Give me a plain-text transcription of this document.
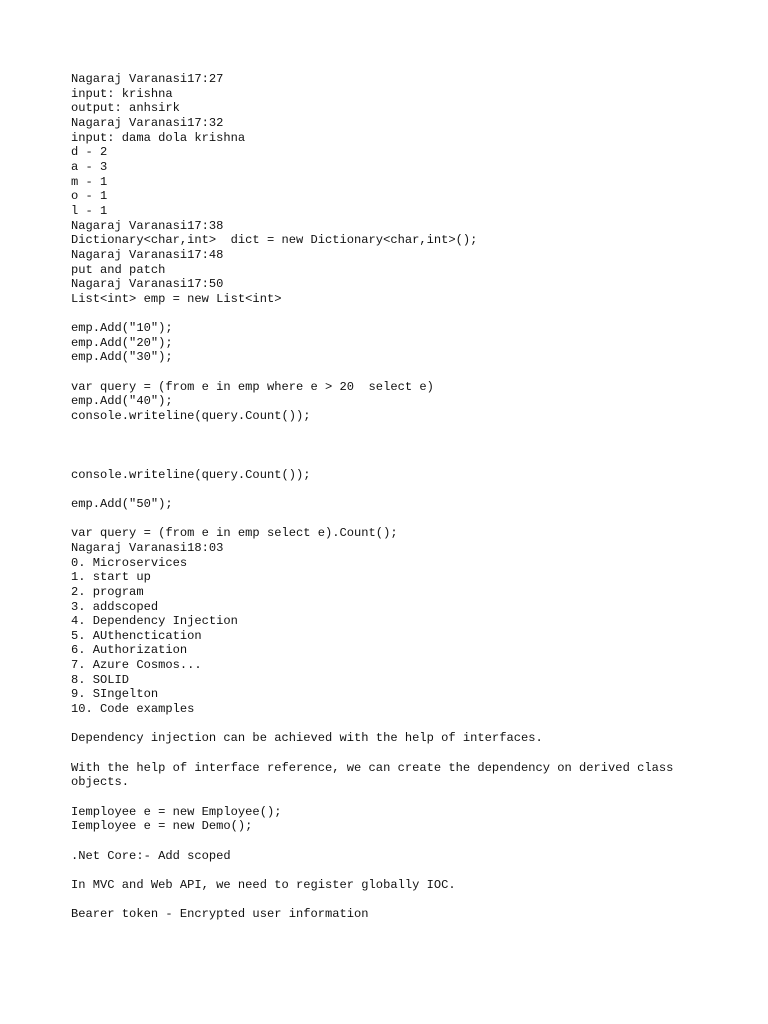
Nagaraj Varanasi17:27
input: krishna
output: anhsirk
Nagaraj Varanasi17:32
input: dama dola krishna
d - 2
a - 3
m - 1
o - 1
l - 1
Nagaraj Varanasi17:38
Dictionary<char,int>  dict = new Dictionary<char,int>();
Nagaraj Varanasi17:48
put and patch
Nagaraj Varanasi17:50
List<int> emp = new List<int>
emp.Add("10");
emp.Add("20");
emp.Add("30");
var query = (from e in emp where e > 20  select e)
emp.Add("40");
console.writeline(query.Count());
console.writeline(query.Count());
emp.Add("50");
var query = (from e in emp select e).Count();
Nagaraj Varanasi18:03
0. Microservices
1. start up
2. program
3. addscoped
4. Dependency Injection
5. AUthenctication
6. Authorization
7. Azure Cosmos...
8. SOLID
9. SIngelton
10. Code examples
Dependency injection can be achieved with the help of interfaces.
With the help of interface reference, we can create the dependency on derived class objects.
Iemployee e = new Employee();
Iemployee e = new Demo();
.Net Core:- Add scoped
In MVC and Web API, we need to register globally IOC.
Bearer token - Encrypted user information
